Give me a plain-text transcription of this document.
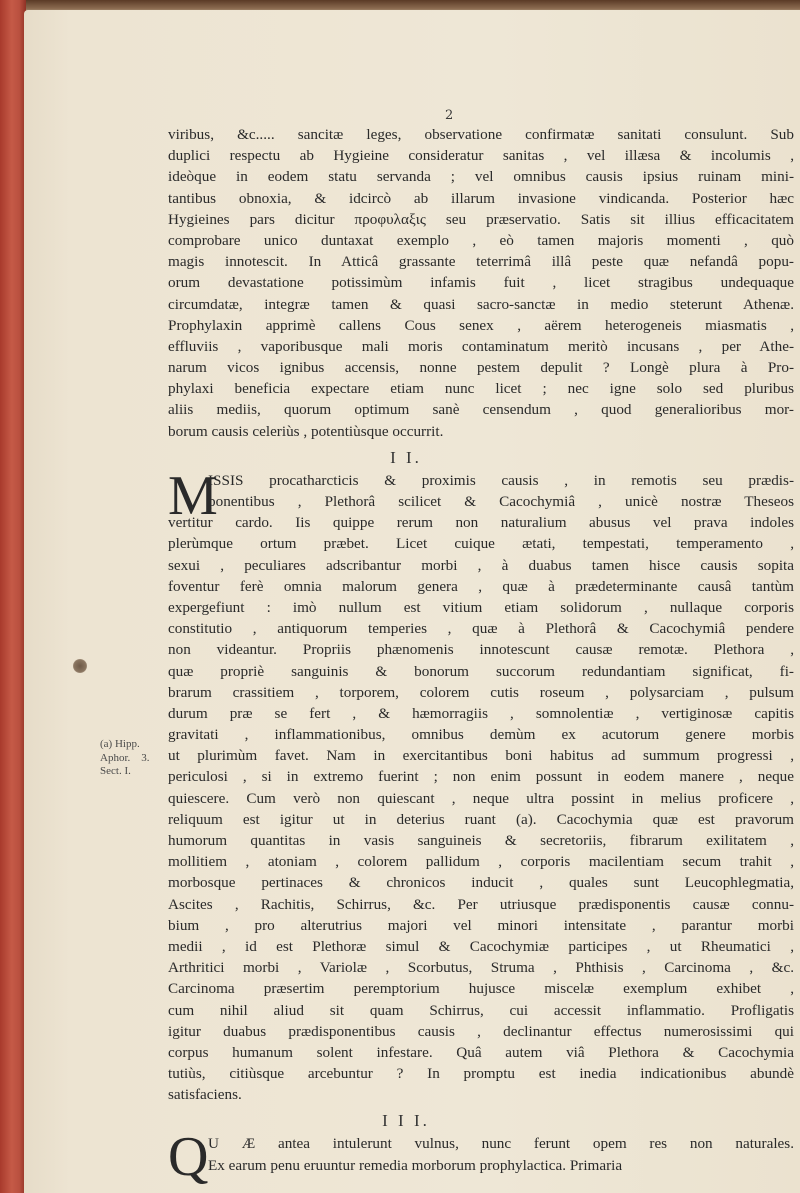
2
(a) Hipp.
Aphor.    3.
Sect. I.
viribus, &c..... sancitæ leges, observatione confirmatæ sanitati consulunt. Sub
duplici respectu ab Hygieine consideratur sanitas , vel illæsa & incolumis ,
ideòque in eodem statu servanda ; vel omnibus causis ipsius ruinam mini-
tantibus obnoxia, & idcircò ab illarum invasione vindicanda. Posterior hæc
Hygieines pars dicitur προφυλαξις seu præservatio. Satis sit illius efficacitatem
comprobare unico duntaxat exemplo , eò tamen majoris momenti , quò
magis innotescit. In Atticâ grassante teterrimâ illâ peste quæ nefandâ popu-
orum devastatione potissimùm infamis fuit , licet stragibus undequaque
circumdatæ, integræ tamen & quasi sacro-sanctæ in medio steterunt Athenæ.
Prophylaxin apprimè callens Cous senex , aërem heterogeneis miasmatis ,
effluviis , vaporibusque mali moris contaminatum meritò incusans , per Athe-
narum vicos ignibus accensis, nonne pestem depulit ? Longè plura à Pro-
phylaxi beneficia expectare etiam nunc licet ; nec igne solo sed pluribus
aliis mediis, quorum optimum sanè censendum , quod generalioribus mor-
borum causis celeriùs , potentiùsque occurrit.
I I.
M
ISSIS procatharcticis & proximis causis , in remotis seu prædis-
ponentibus , Plethorâ scilicet & Cacochymiâ , unicè nostræ Theseos
vertitur cardo. Iis quippe rerum non naturalium abusus vel prava indoles
plerùmque ortum præbet. Licet cuique ætati, tempestati, temperamento ,
sexui , peculiares adscribantur morbi , à duabus tamen hisce causis sopita
foventur ferè omnia malorum genera , quæ à prædeterminante causâ tantùm
expergefiunt : imò nullum est vitium etiam solidorum , nullaque corporis
constitutio , antiquorum temperies , quæ à Plethorâ & Cacochymiâ pendere
non videantur. Propriis phænomenis innotescunt causæ remotæ. Plethora ,
quæ propriè sanguinis & bonorum succorum redundantiam significat, fi-
brarum crassitiem , torporem, colorem cutis roseum , polysarciam , pulsum
durum præ se fert , & hæmorragiis , somnolentiæ , vertiginosæ capitis
gravitati , inflammationibus, omnibus demùm ex acutorum genere morbis
ut plurimùm favet. Nam in exercitantibus boni habitus ad summum progressi ,
periculosi , si in extremo fuerint ; non enim possunt in eodem manere , neque
quiescere. Cum verò non quiescant , neque ultra possint in melius proficere ,
reliquum est igitur ut in deterius ruant (a). Cacochymia quæ est pravorum
humorum quantitas in vasis sanguineis & secretoriis, fibrarum exilitatem ,
mollitiem , atoniam , colorem pallidum , corporis macilentiam secum trahit ,
morbosque pertinaces & chronicos inducit , quales sunt Leucophlegmatia,
Ascites , Rachitis, Schirrus, &c. Per utriusque prædisponentis causæ connu-
bium , pro alterutrius majori vel minori intensitate , parantur morbi
medii , id est Plethoræ simul & Cacochymiæ participes , ut Rheumatici ,
Arthritici morbi , Variolæ , Scorbutus, Struma , Phthisis , Carcinoma , &c.
Carcinoma præsertim peremptorium hujusce miscelæ exemplum exhibet ,
cum nihil aliud sit quam Schirrus, cui accessit inflammatio. Profligatis
igitur duabus prædisponentibus causis , declinantur effectus numerosissimi qui
corpus humanum solent infestare. Quâ autem viâ Plethora & Cacochymia
tutiùs, citiùsque arcebuntur ? In promptu est inedia indicationibus abundè
satisfaciens.
I I I.
Q U Æ antea intulerunt vulnus, nunc ferunt opem res non naturales.
Ex earum penu eruuntur remedia morborum prophylactica. Primaria
